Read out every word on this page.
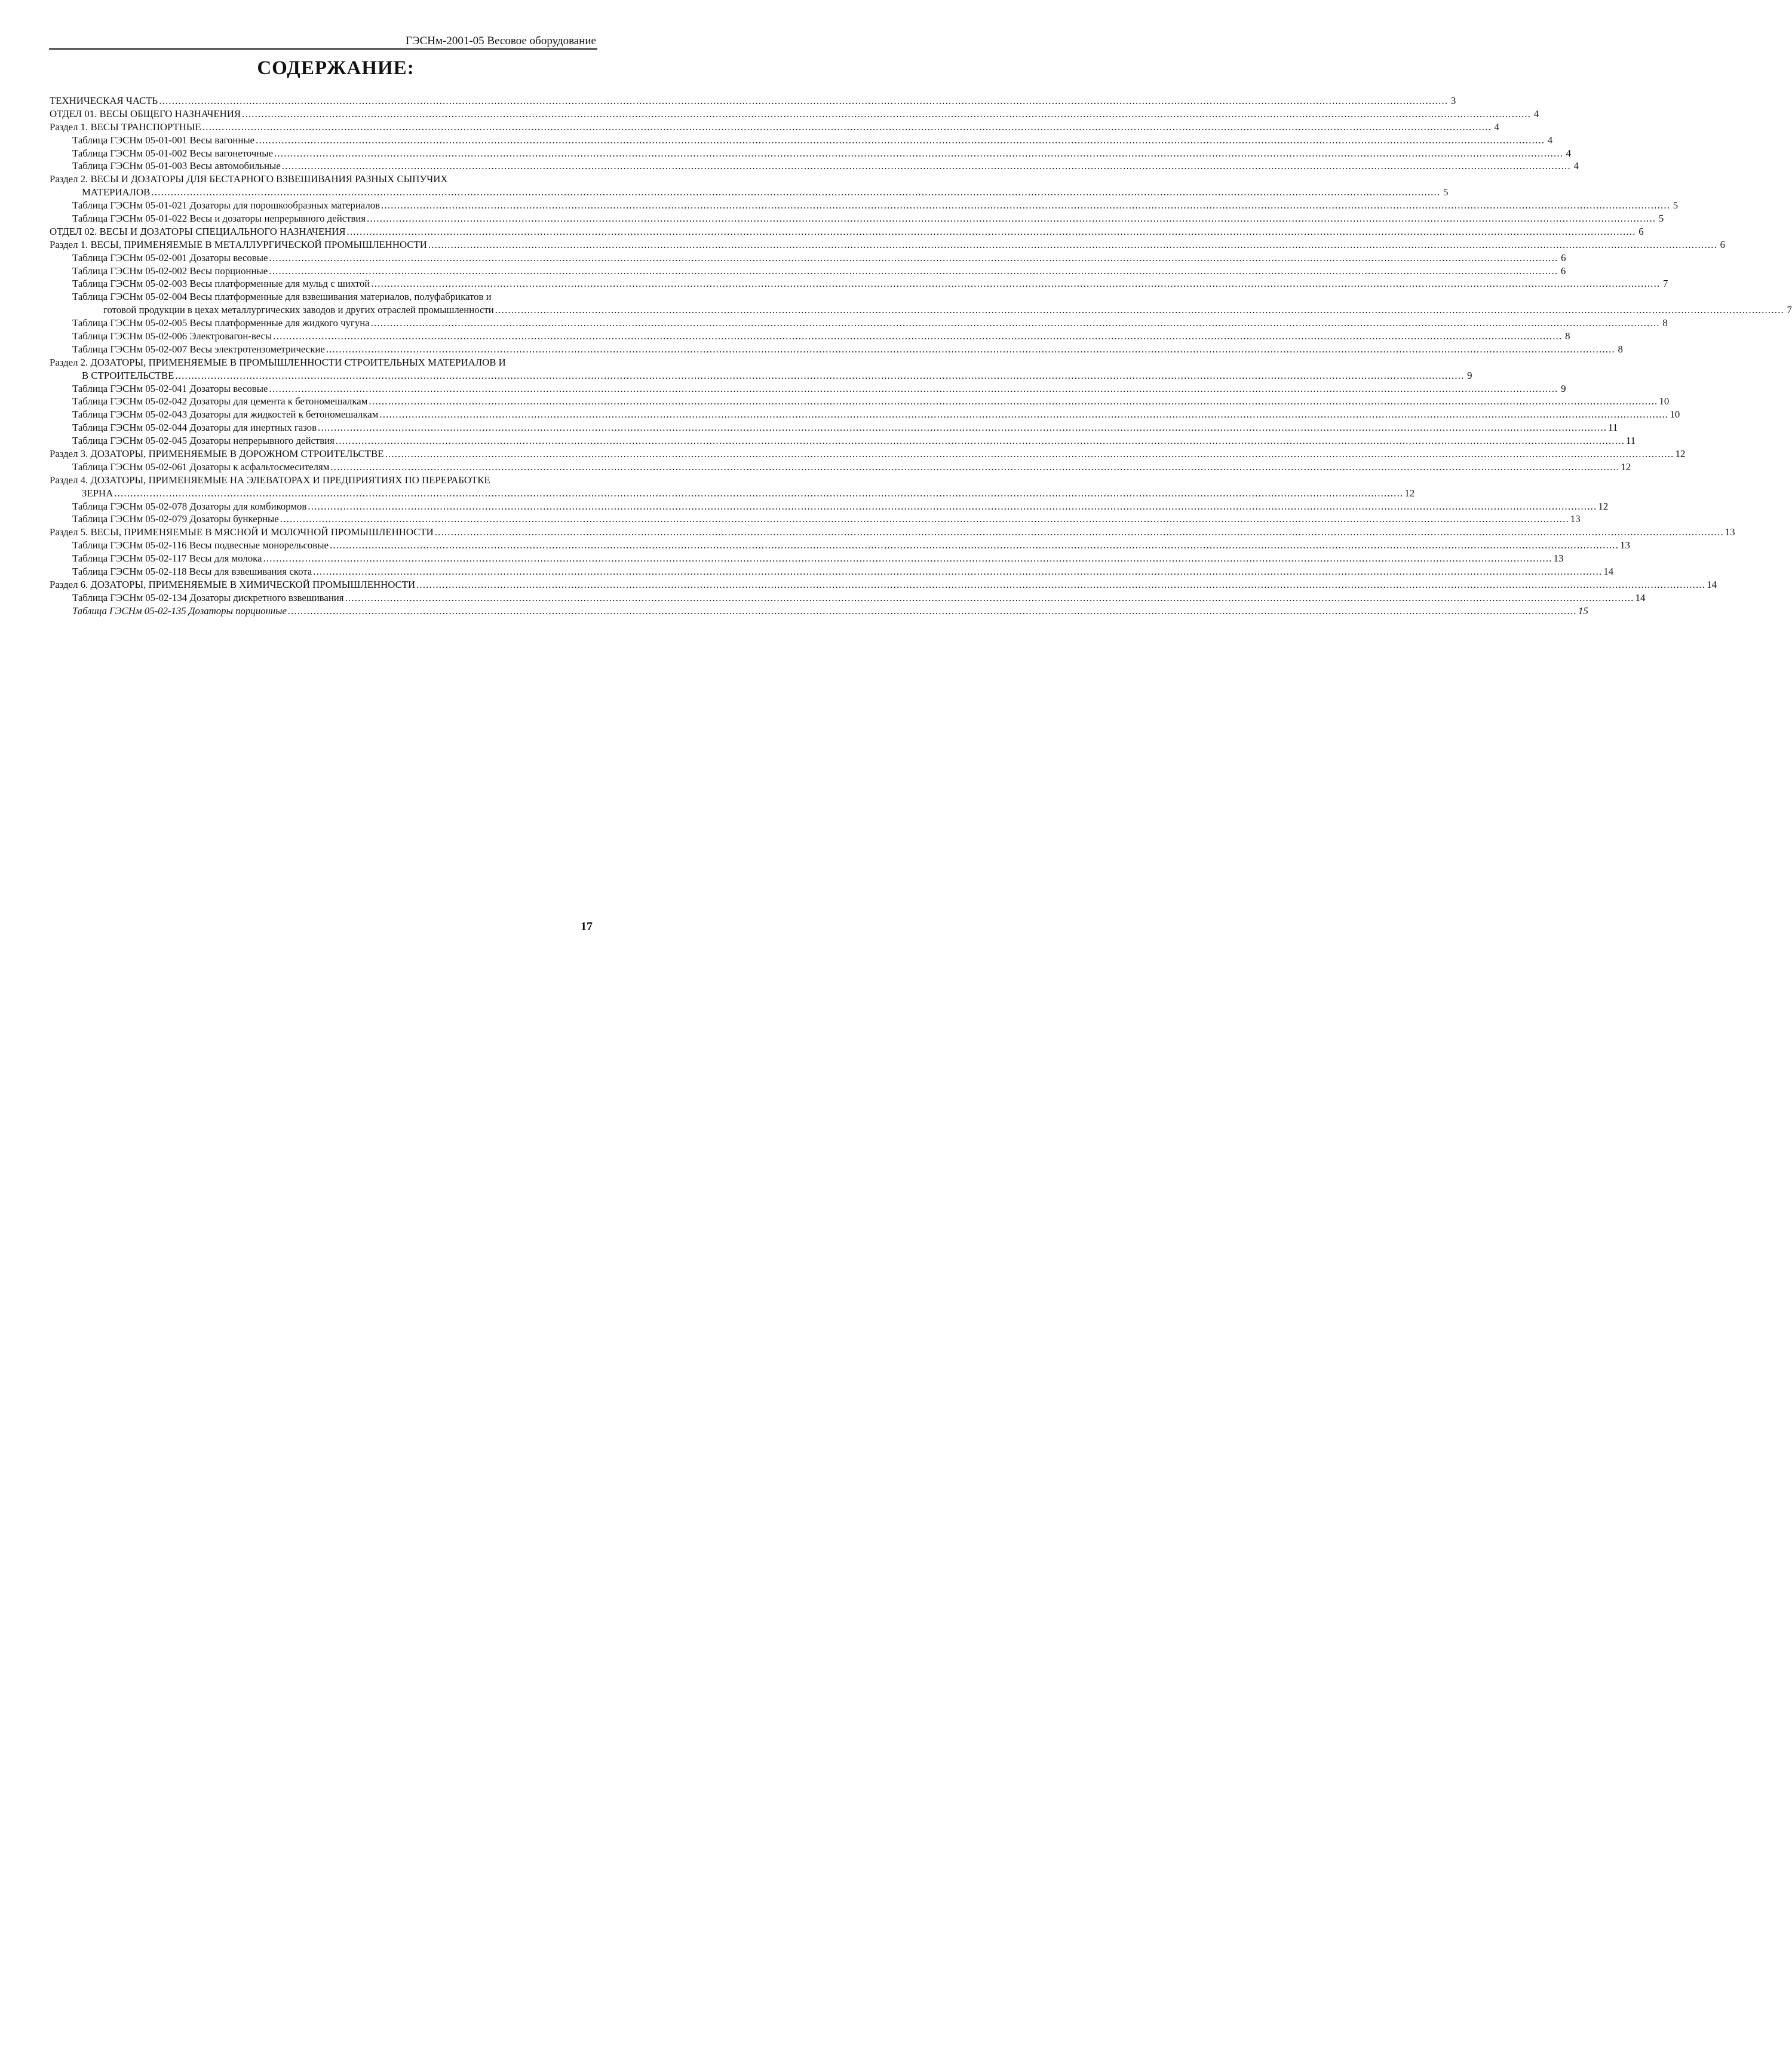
ГЭСНм-2001-05 Весовое оборудование
СОДЕРЖАНИЕ:
ТЕХНИЧЕСКАЯ ЧАСТЬ ................................................................................................................................................................................................................................................................................................................................................................................................................ 3
ОТДЕЛ 01. ВЕСЫ ОБЩЕГО НАЗНАЧЕНИЯ ................................................................................................................................................................................................................................................................................................................................................................................................................ 4
Раздел 1. ВЕСЫ ТРАНСПОРТНЫЕ ................................................................................................................................................................................................................................................................................................................................................................................................................ 4
Таблица ГЭСНм 05-01-001 Весы вагонные ................................................................................................................................................................................................................................................................................................................................................................................................................ 4
Таблица ГЭСНм 05-01-002 Весы вагонеточные ................................................................................................................................................................................................................................................................................................................................................................................................................ 4
Таблица ГЭСНм 05-01-003 Весы автомобильные ................................................................................................................................................................................................................................................................................................................................................................................................................ 4
Раздел 2. ВЕСЫ И ДОЗАТОРЫ ДЛЯ БЕСТАРНОГО ВЗВЕШИВАНИЯ РАЗНЫХ СЫПУЧИХ
МАТЕРИАЛОВ ................................................................................................................................................................................................................................................................................................................................................................................................................ 5
Таблица ГЭСНм 05-01-021 Дозаторы для порошкообразных материалов ................................................................................................................................................................................................................................................................................................................................................................................................................ 5
Таблица ГЭСНм 05-01-022 Весы и дозаторы непрерывного действия ................................................................................................................................................................................................................................................................................................................................................................................................................ 5
ОТДЕЛ 02. ВЕСЫ И ДОЗАТОРЫ СПЕЦИАЛЬНОГО НАЗНАЧЕНИЯ ................................................................................................................................................................................................................................................................................................................................................................................................................ 6
Раздел 1. ВЕСЫ, ПРИМЕНЯЕМЫЕ В МЕТАЛЛУРГИЧЕСКОЙ ПРОМЫШЛЕННОСТИ ................................................................................................................................................................................................................................................................................................................................................................................................................ 6
Таблица ГЭСНм 05-02-001 Дозаторы весовые ................................................................................................................................................................................................................................................................................................................................................................................................................ 6
Таблица ГЭСНм 05-02-002 Весы порционные ................................................................................................................................................................................................................................................................................................................................................................................................................ 6
Таблица ГЭСНм 05-02-003 Весы платформенные для мульд с шихтой ................................................................................................................................................................................................................................................................................................................................................................................................................ 7
Таблица ГЭСНм 05-02-004 Весы платформенные для взвешивания материалов, полуфабрикатов и
готовой продукции в цехах металлургических заводов и других отраслей промышленности ................................................................................................................................................................................................................................................................................................................................................................................................................ 7
Таблица ГЭСНм 05-02-005 Весы платформенные для жидкого чугуна ................................................................................................................................................................................................................................................................................................................................................................................................................ 8
Таблица ГЭСНм 05-02-006 Электровагон-весы ................................................................................................................................................................................................................................................................................................................................................................................................................ 8
Таблица ГЭСНм 05-02-007 Весы электротензометрические ................................................................................................................................................................................................................................................................................................................................................................................................................ 8
Раздел 2. ДОЗАТОРЫ, ПРИМЕНЯЕМЫЕ В ПРОМЫШЛЕННОСТИ СТРОИТЕЛЬНЫХ МАТЕРИАЛОВ И
В СТРОИТЕЛЬСТВЕ ................................................................................................................................................................................................................................................................................................................................................................................................................ 9
Таблица ГЭСНм 05-02-041 Дозаторы весовые ................................................................................................................................................................................................................................................................................................................................................................................................................ 9
Таблица ГЭСНм 05-02-042 Дозаторы для цемента к бетономешалкам ................................................................................................................................................................................................................................................................................................................................................................................................................ 10
Таблица ГЭСНм 05-02-043 Дозаторы для жидкостей к бетономешалкам ................................................................................................................................................................................................................................................................................................................................................................................................................ 10
Таблица ГЭСНм 05-02-044 Дозаторы для инертных газов ................................................................................................................................................................................................................................................................................................................................................................................................................ 11
Таблица ГЭСНм 05-02-045 Дозаторы непрерывного действия ................................................................................................................................................................................................................................................................................................................................................................................................................ 11
Раздел 3. ДОЗАТОРЫ, ПРИМЕНЯЕМЫЕ В ДОРОЖНОМ СТРОИТЕЛЬСТВЕ ................................................................................................................................................................................................................................................................................................................................................................................................................ 12
Таблица ГЭСНм 05-02-061 Дозаторы к асфальтосмесителям ................................................................................................................................................................................................................................................................................................................................................................................................................ 12
Раздел 4. ДОЗАТОРЫ, ПРИМЕНЯЕМЫЕ НА ЭЛЕВАТОРАХ И ПРЕДПРИЯТИЯХ ПО ПЕРЕРАБОТКЕ
ЗЕРНА ................................................................................................................................................................................................................................................................................................................................................................................................................ 12
Таблица ГЭСНм 05-02-078 Дозаторы для комбикормов ................................................................................................................................................................................................................................................................................................................................................................................................................ 12
Таблица ГЭСНм 05-02-079 Дозаторы бункерные ................................................................................................................................................................................................................................................................................................................................................................................................................ 13
Раздел 5. ВЕСЫ, ПРИМЕНЯЕМЫЕ В МЯСНОЙ И МОЛОЧНОЙ ПРОМЫШЛЕННОСТИ ................................................................................................................................................................................................................................................................................................................................................................................................................ 13
Таблица ГЭСНм 05-02-116 Весы подвесные монорельсовые ................................................................................................................................................................................................................................................................................................................................................................................................................ 13
Таблица ГЭСНм 05-02-117 Весы для молока ................................................................................................................................................................................................................................................................................................................................................................................................................ 13
Таблица ГЭСНм 05-02-118 Весы для взвешивания скота ................................................................................................................................................................................................................................................................................................................................................................................................................ 14
Раздел 6. ДОЗАТОРЫ, ПРИМЕНЯЕМЫЕ В ХИМИЧЕСКОЙ ПРОМЫШЛЕННОСТИ ................................................................................................................................................................................................................................................................................................................................................................................................................ 14
Таблица ГЭСНм 05-02-134 Дозаторы дискретного взвешивания ................................................................................................................................................................................................................................................................................................................................................................................................................ 14
Таблица ГЭСНм 05-02-135 Дозаторы порционные ................................................................................................................................................................................................................................................................................................................................................................................................................ 15
17
